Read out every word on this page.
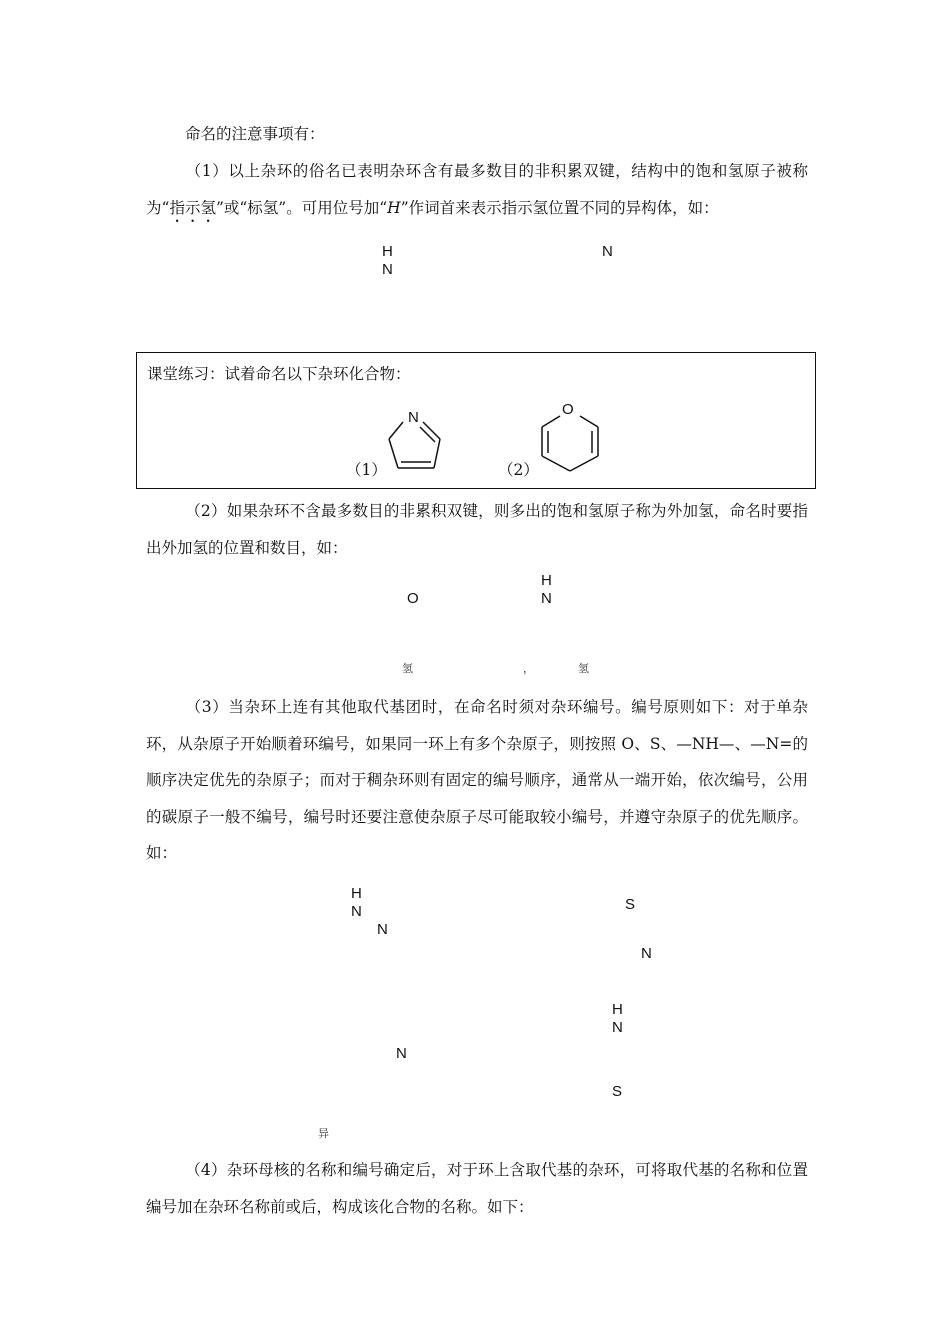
命名的注意事项有：
（1）以上杂环的俗名已表明杂环含有最多数目的非积累双键，结构中的饱和氢原子被称为“指示氢”或“标氢”。可用位号加“H”作词首来表示指示氢位置不同的异构体，如：
H
N
N
课堂练习：试着命名以下杂环化合物：
N
（1）
O
（2）
（2）如果杂环不含最多数目的非累积双键，则多出的饱和氢原子称为外加氢，命名时要指出外加氢的位置和数目，如：
O
H
N
氢	，	氢
（3）当杂环上连有其他取代基团时，在命名时须对杂环编号。编号原则如下：对于单杂环，从杂原子开始顺着环编号，如果同一环上有多个杂原子，则按照 O、S、—NH—、—N=的顺序决定优先的杂原子；而对于稠杂环则有固定的编号顺序，通常从一端开始，依次编号，公用的碳原子一般不编号，编号时还要注意使杂原子尽可能取较小编号，并遵守杂原子的优先顺序。如：
H
N
N
S
N
N
H
N
S
异
（4）杂环母核的名称和编号确定后，对于环上含取代基的杂环，可将取代基的名称和位置编号加在杂环名称前或后，构成该化合物的名称。如下：
